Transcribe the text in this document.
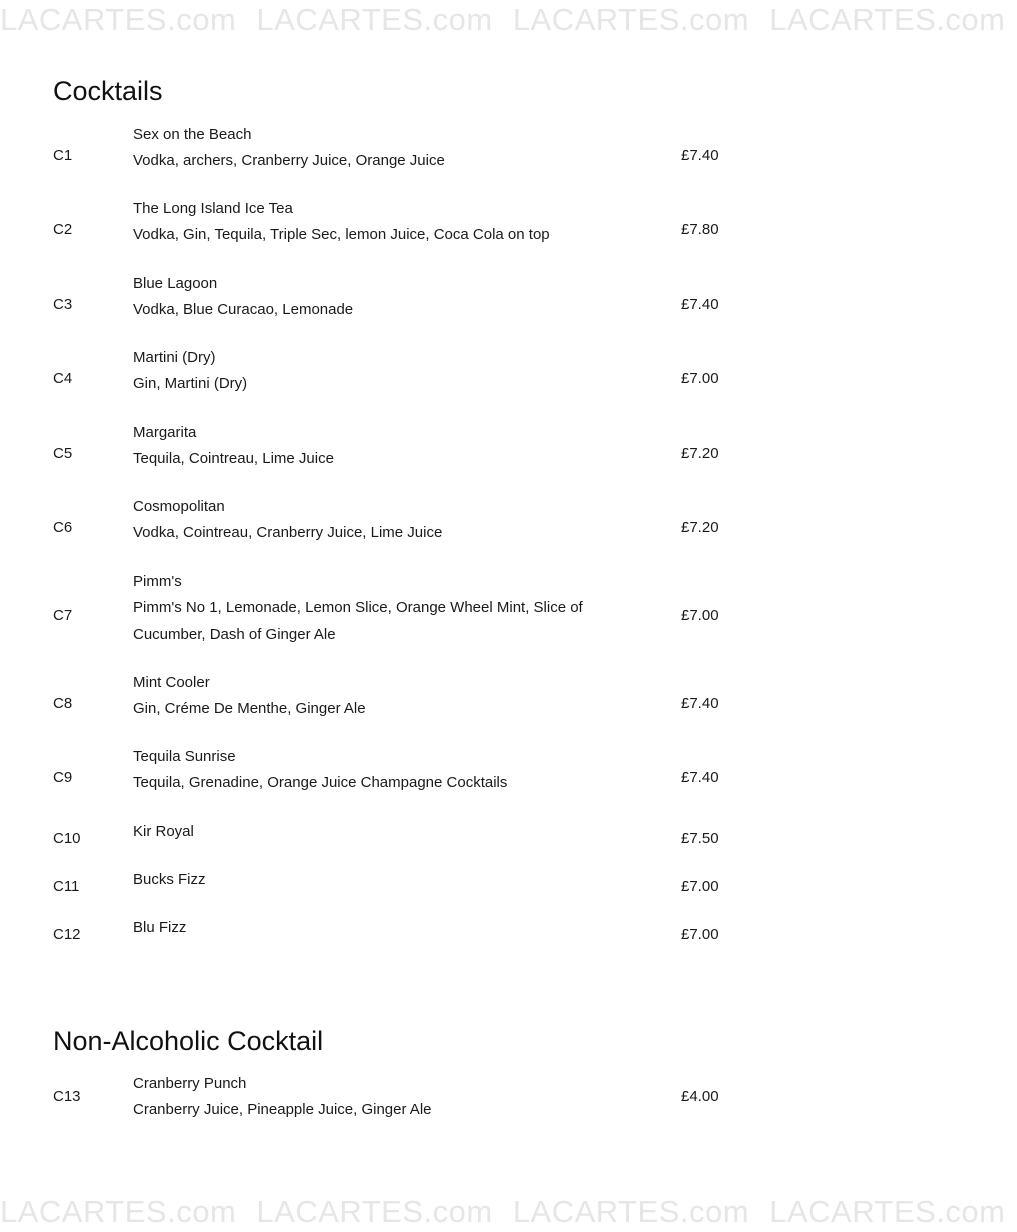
LACARTES.com LACARTES.com LACARTES.com LACARTES.com
Cocktails
C1
Sex on the Beach
Vodka, archers, Cranberry Juice, Orange Juice	£7.40
C2
The Long Island Ice Tea
Vodka, Gin, Tequila, Triple Sec, lemon Juice, Coca Cola on top	£7.80
C3
Blue Lagoon
Vodka, Blue Curacao, Lemonade	£7.40
C4
Martini (Dry)
Gin, Martini (Dry)	£7.00
C5
Margarita
Tequila, Cointreau, Lime Juice	£7.20
C6
Cosmopolitan
Vodka, Cointreau, Cranberry Juice, Lime Juice	£7.20
C7
Pimm's
Pimm's No 1, Lemonade, Lemon Slice, Orange Wheel Mint, Slice of Cucumber, Dash of Ginger Ale
£7.00
C8
Mint Cooler
Gin, Créme De Menthe, Ginger Ale	£7.40
C9
Tequila Sunrise
Tequila, Grenadine, Orange Juice Champagne Cocktails	£7.40
C10	Kir Royal	£7.50
C11	Bucks Fizz	£7.00
C12	Blu Fizz	£7.00
Non-Alcoholic Cocktail
C13
Cranberry Punch
Cranberry Juice, Pineapple Juice, Ginger Ale
£4.00
LACARTES.com LACARTES.com LACARTES.com LACARTES.com
